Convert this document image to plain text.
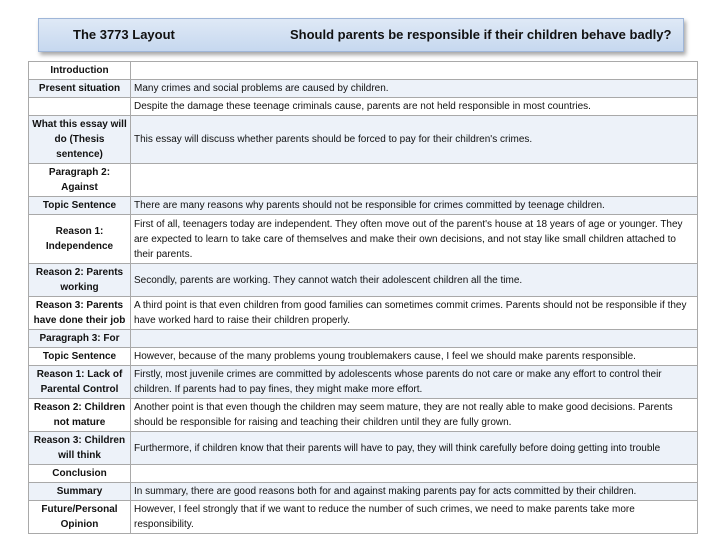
The 3773 Layout	Should parents be responsible if their children behave badly?
Introduction	
Present situation	Many crimes and social problems are caused by children.
	Despite the damage these teenage criminals cause, parents are not held responsible in most countries.
What this essay will do (Thesis sentence)	This essay will discuss whether parents should be forced to pay for their children's crimes.
Paragraph 2: Against	
Topic Sentence	There are many reasons why parents should not be responsible for crimes committed by teenage children.
Reason 1: Independence	First of all, teenagers today are independent. They often move out of the parent's house at 18 years of age or younger. They are expected to learn to take care of themselves and make their own decisions, and not stay like small children attached to their parents.
Reason 2: Parents working	Secondly, parents are working. They cannot watch their adolescent children all the time.
Reason 3: Parents have done their job	A third point is that even children from good families can sometimes commit crimes. Parents should not be responsible if they have worked hard to raise their children properly.
Paragraph 3: For	
Topic Sentence	However, because of the many problems young troublemakers cause, I feel we should make parents responsible.
Reason 1: Lack of Parental Control	Firstly, most juvenile crimes are committed by adolescents whose parents do not care or make any effort to control their children. If parents had to pay fines, they might make more effort.
Reason 2: Children not mature	Another point is that even though the children may seem mature, they are not really able to make good decisions. Parents should be responsible for raising and teaching their children until they are fully grown.
Reason 3: Children will think	Furthermore, if children know that their parents will have to pay, they will think carefully before doing getting into trouble
Conclusion	
Summary	In summary, there are good reasons both for and against making parents pay for acts committed by their children.
Future/Personal Opinion	However, I feel strongly that if we want to reduce the number of such crimes, we need to make parents take more responsibility.
